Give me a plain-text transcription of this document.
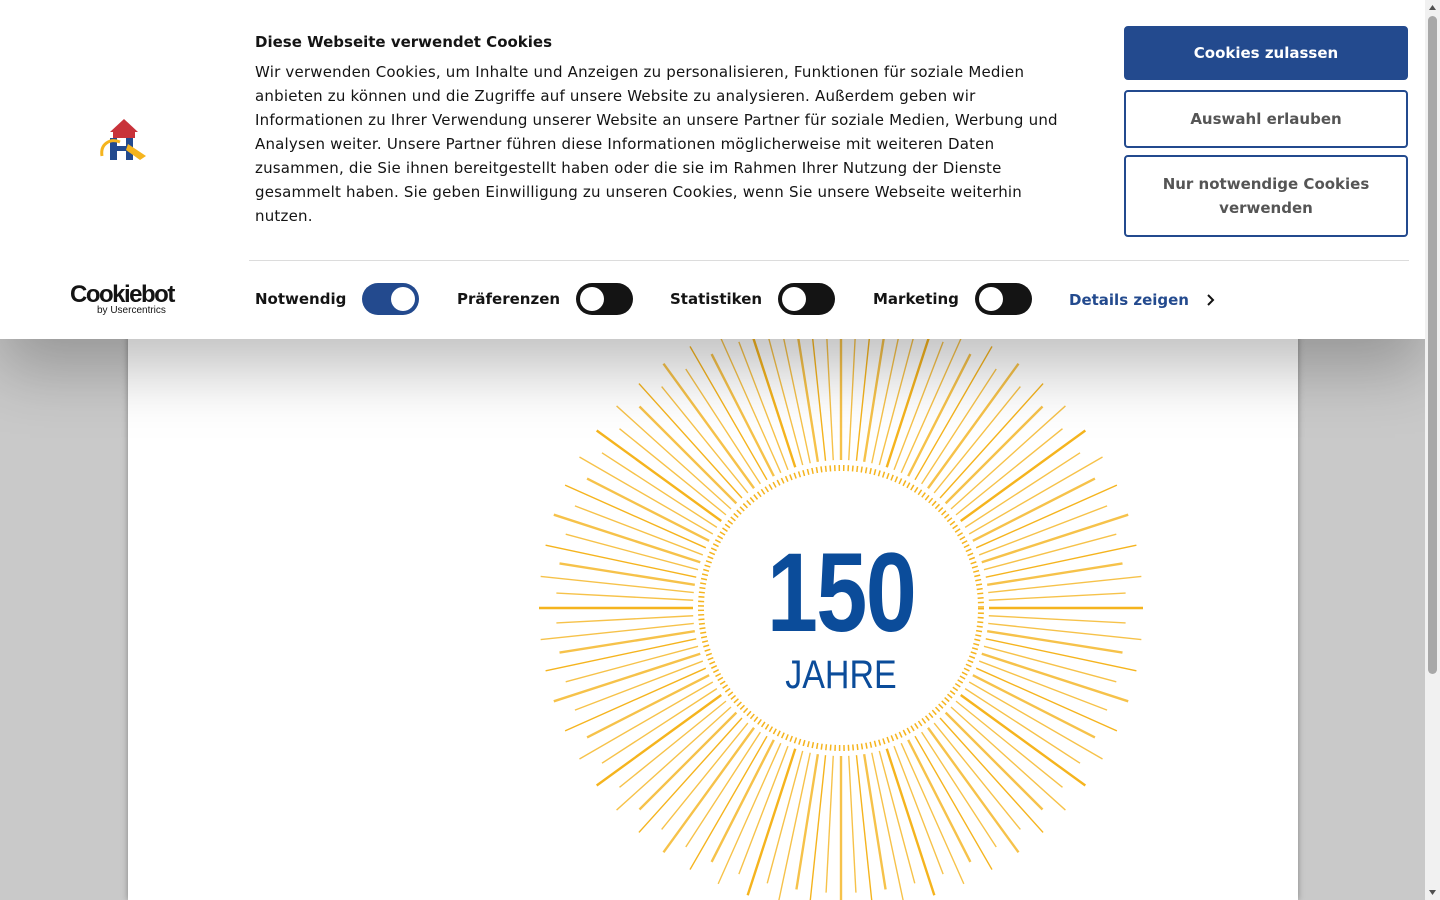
150
JAHRE
Diese Webseite verwendet Cookies
Wir verwenden Cookies, um Inhalte und Anzeigen zu personalisieren, Funktionen für soziale Medien anbieten zu können und die Zugriffe auf unsere Website zu analysieren. Außerdem geben wir Informationen zu Ihrer Verwendung unserer Website an unsere Partner für soziale Medien, Werbung und Analysen weiter. Unsere Partner führen diese Informationen möglicherweise mit weiteren Daten zusammen, die Sie ihnen bereitgestellt haben oder die sie im Rahmen Ihrer Nutzung der Dienste gesammelt haben. Sie geben Einwilligung zu unseren Cookies, wenn Sie unsere Webseite weiterhin nutzen.
Cookies zulassen
Auswahl erlauben
Nur notwendige Cookies verwenden
Cookiebot
by Usercentrics
Notwendig	Präferenzen	Statistiken	Marketing	Details zeigen
